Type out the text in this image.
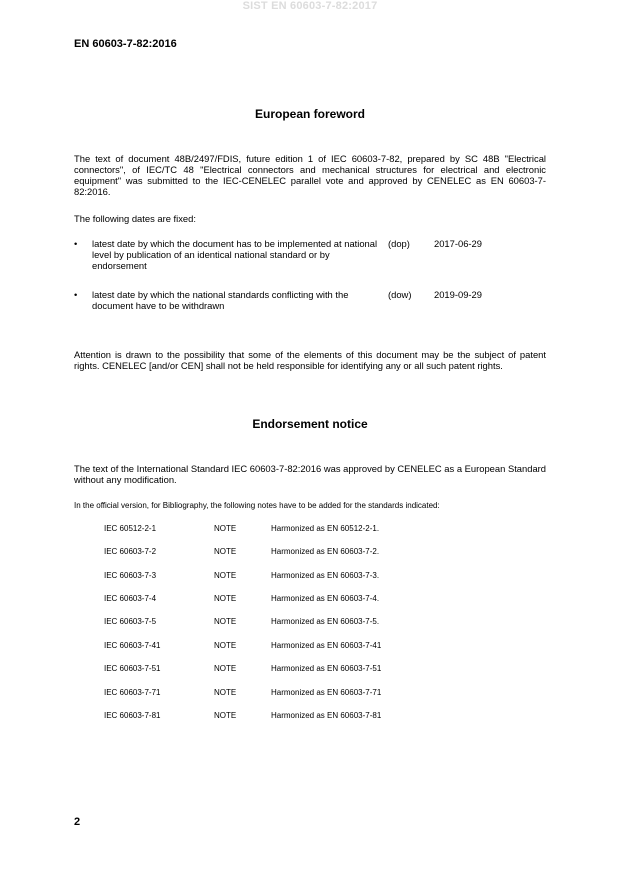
SIST EN 60603-7-82:2017
EN 60603-7-82:2016
European foreword
The text of document 48B/2497/FDIS, future edition 1 of IEC 60603-7-82, prepared by SC 48B "Electrical connectors", of IEC/TC 48 "Electrical connectors and mechanical structures for electrical and electronic equipment" was submitted to the IEC-CENELEC parallel vote and approved by CENELEC as EN 60603-7-82:2016.
The following dates are fixed:
• latest date by which the document has to be implemented at national level by publication of an identical national standard or by endorsement
(dop)	2017-06-29
• latest date by which the national standards conflicting with the document have to be withdrawn
(dow) 2019-09-29
Attention is drawn to the possibility that some of the elements of this document may be the subject of patent rights. CENELEC [and/or CEN] shall not be held responsible for identifying any or all such patent rights.
Endorsement notice
The text of the International Standard IEC 60603-7-82:2016 was approved by CENELEC as a European Standard without any modification.
In the official version, for Bibliography, the following notes have to be added for the standards indicated:
IEC 60512-2-1	NOTE	Harmonized as EN 60512-2-1.
IEC 60603-7-2	NOTE	Harmonized as EN 60603-7-2.
IEC 60603-7-3	NOTE	Harmonized as EN 60603-7-3.
IEC 60603-7-4	NOTE	Harmonized as EN 60603-7-4.
IEC 60603-7-5	NOTE	Harmonized as EN 60603-7-5.
IEC 60603-7-41	NOTE	Harmonized as EN 60603-7-41
IEC 60603-7-51	NOTE	Harmonized as EN 60603-7-51
IEC 60603-7-71	NOTE	Harmonized as EN 60603-7-71
IEC 60603-7-81	NOTE	Harmonized as EN 60603-7-81
2
